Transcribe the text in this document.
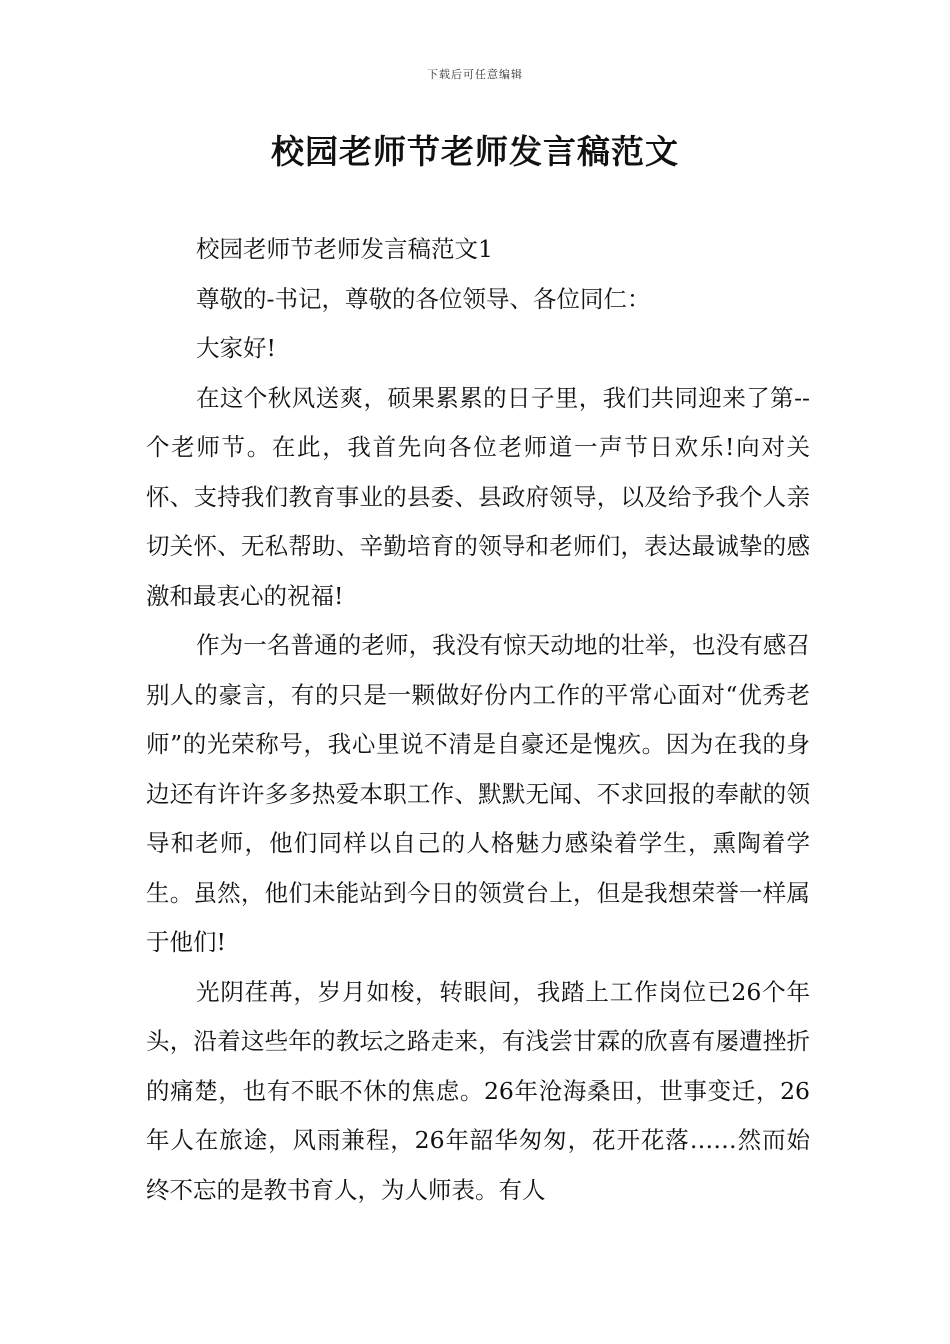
下载后可任意编辑
校园老师节老师发言稿范文

校园老师节老师发言稿范文1

尊敬的-书记，尊敬的各位领导、各位同仁：

大家好!

在这个秋风送爽，硕果累累的日子里，我们共同迎来了第--个老师节。在此，我首先向各位老师道一声节日欢乐!向对关怀、支持我们教育事业的县委、县政府领导，以及给予我个人亲切关怀、无私帮助、辛勤培育的领导和老师们，表达最诚挚的感激和最衷心的祝福!

作为一名普通的老师，我没有惊天动地的壮举，也没有感召别人的豪言，有的只是一颗做好份内工作的平常心面对“优秀老师”的光荣称号，我心里说不清是自豪还是愧疚。因为在我的身边还有许许多多热爱本职工作、默默无闻、不求回报的奉献的领导和老师，他们同样以自己的人格魅力感染着学生，熏陶着学生。虽然，他们未能站到今日的领赏台上，但是我想荣誉一样属于他们!

光阴荏苒，岁月如梭，转眼间，我踏上工作岗位已26个年头，沿着这些年的教坛之路走来，有浅尝甘霖的欣喜有屡遭挫折的痛楚，也有不眠不休的焦虑。26年沧海桑田，世事变迁，26年人在旅途，风雨兼程，26年韶华匆匆，花开花落……然而始终不忘的是教书育人，为人师表。有人
